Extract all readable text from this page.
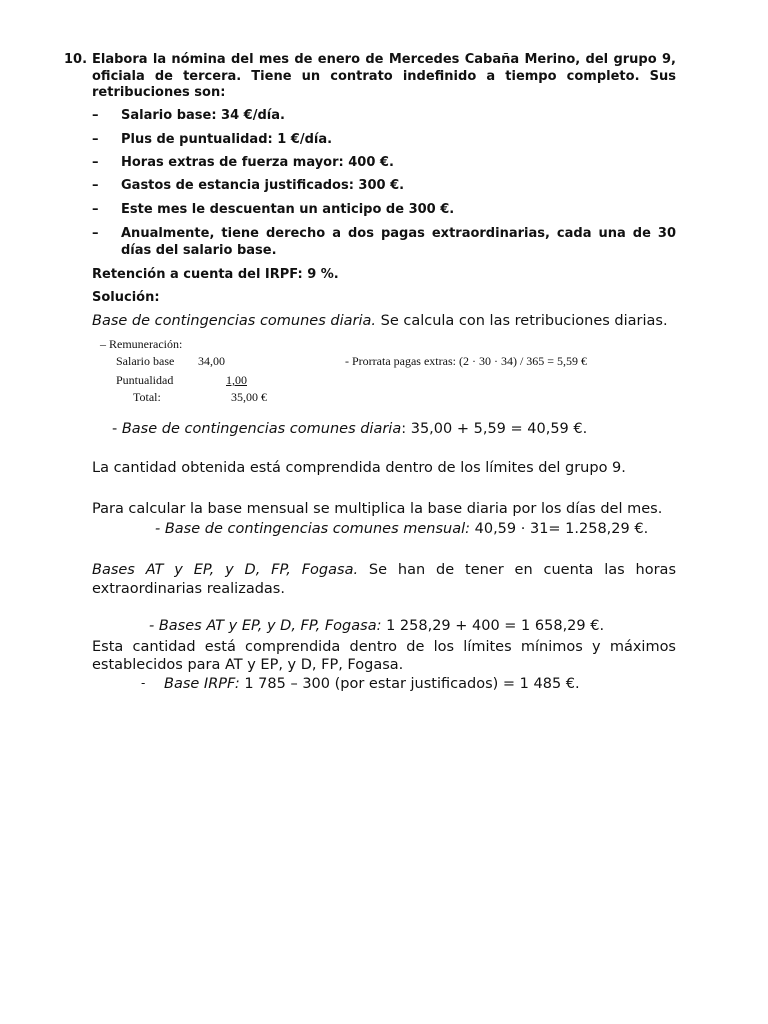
10. Elabora la nómina del mes de enero de Mercedes Cabaña Merino, del grupo 9, oficiala de tercera. Tiene un contrato indefinido a tiempo completo. Sus retribuciones son:
– Salario base: 34 €/día.
– Plus de puntualidad: 1 €/día.
– Horas extras de fuerza mayor: 400 €.
– Gastos de estancia justificados: 300 €.
– Este mes le descuentan un anticipo de 300 €.
– Anualmente, tiene derecho a dos pagas extraordinarias, cada una de 30 días del salario base.
Retención a cuenta del IRPF: 9 %.
Solución:
Base de contingencias comunes diaria. Se calcula con las retribuciones diarias.
– Remuneración:
Salario base 34,00	- Prorrata pagas extras: (2 · 30 · 34) / 365 = 5,59 €
Puntualidad	1,00
Total:	35,00 €
- Base de contingencias comunes diaria: 35,00 + 5,59 = 40,59 €.
La cantidad obtenida está comprendida dentro de los límites del grupo 9.
Para calcular la base mensual se multiplica la base diaria por los días del mes.
- Base de contingencias comunes mensual: 40,59 · 31= 1.258,29 €.
Bases AT y EP, y D, FP, Fogasa. Se han de tener en cuenta las horas extraordinarias realizadas.
- Bases AT y EP, y D, FP, Fogasa: 1 258,29 + 400 = 1 658,29 €.
Esta cantidad está comprendida dentro de los límites mínimos y máximos establecidos para AT y EP, y D, FP, Fogasa.
- Base IRPF: 1 785 – 300 (por estar justificados) = 1 485 €.
